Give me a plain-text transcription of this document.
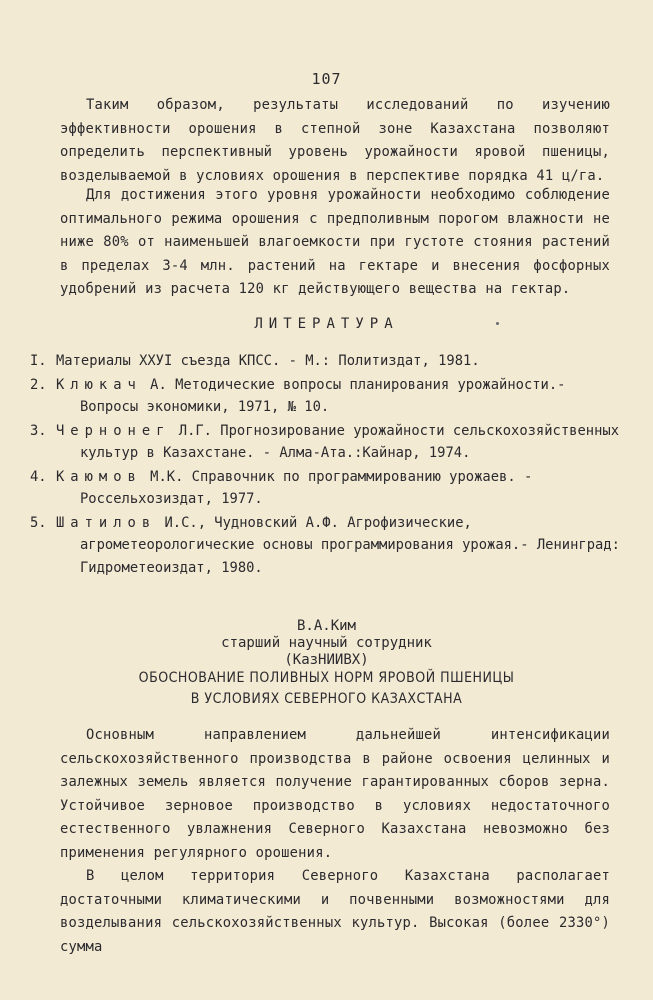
107
Таким образом, результаты исследований по изучению эффективности орошения в степной зоне Казахстана позволяют определить перспективный уровень урожайности яровой пшеницы, возделываемой в условиях орошения в перспективе порядка 41 ц/га.
Для достижения этого уровня урожайности необходимо соблюдение оптимального режима орошения с предполивным порогом влажности не ниже 80% от наименьшей влагоемкости при густоте стояния растений в пределах 3-4 млн. растений на гектаре и внесения фосфорных удобрений из расчета 120 кг действующего вещества на гектар.
ЛИТЕРАТУРА
I. Материалы XXУI съезда КПСС. - М.: Политиздат, 1981.
2. Клюкач А. Методические вопросы планирования урожайности.- Вопросы экономики, 1971, № 10.
3. Чернонег Л.Г. Прогнозирование урожайности сельскохозяйственных культур в Казахстане. - Алма-Ата.:Кайнар, 1974.
4. Каюмов М.К. Справочник по программированию урожаев. - Россельхозиздат, 1977.
5. Шатилов И.С., Чудновский А.Ф. Агрофизические, агрометеорологические основы программирования урожая.- Ленинград: Гидрометеоиздат, 1980.
В.А.Ким
старший научный сотрудник
(КазНИИВХ)
ОБОСНОВАНИЕ ПОЛИВНЫХ НОРМ ЯРОВОЙ ПШЕНИЦЫ
В УСЛОВИЯХ СЕВЕРНОГО КАЗАХСТАНА

Основным направлением дальнейшей интенсификации сельскохозяйственного производства в районе освоения целинных и залежных земель является получение гарантированных сборов зерна. Устойчивое зерновое производство в условиях недостаточного естественного увлажнения Северного Казахстана невозможно без применения регулярного орошения.

В целом территория Северного Казахстана располагает достаточными климатическими и почвенными возможностями для возделывания сельскохозяйственных культур. Высокая (более 2330°) сумма
